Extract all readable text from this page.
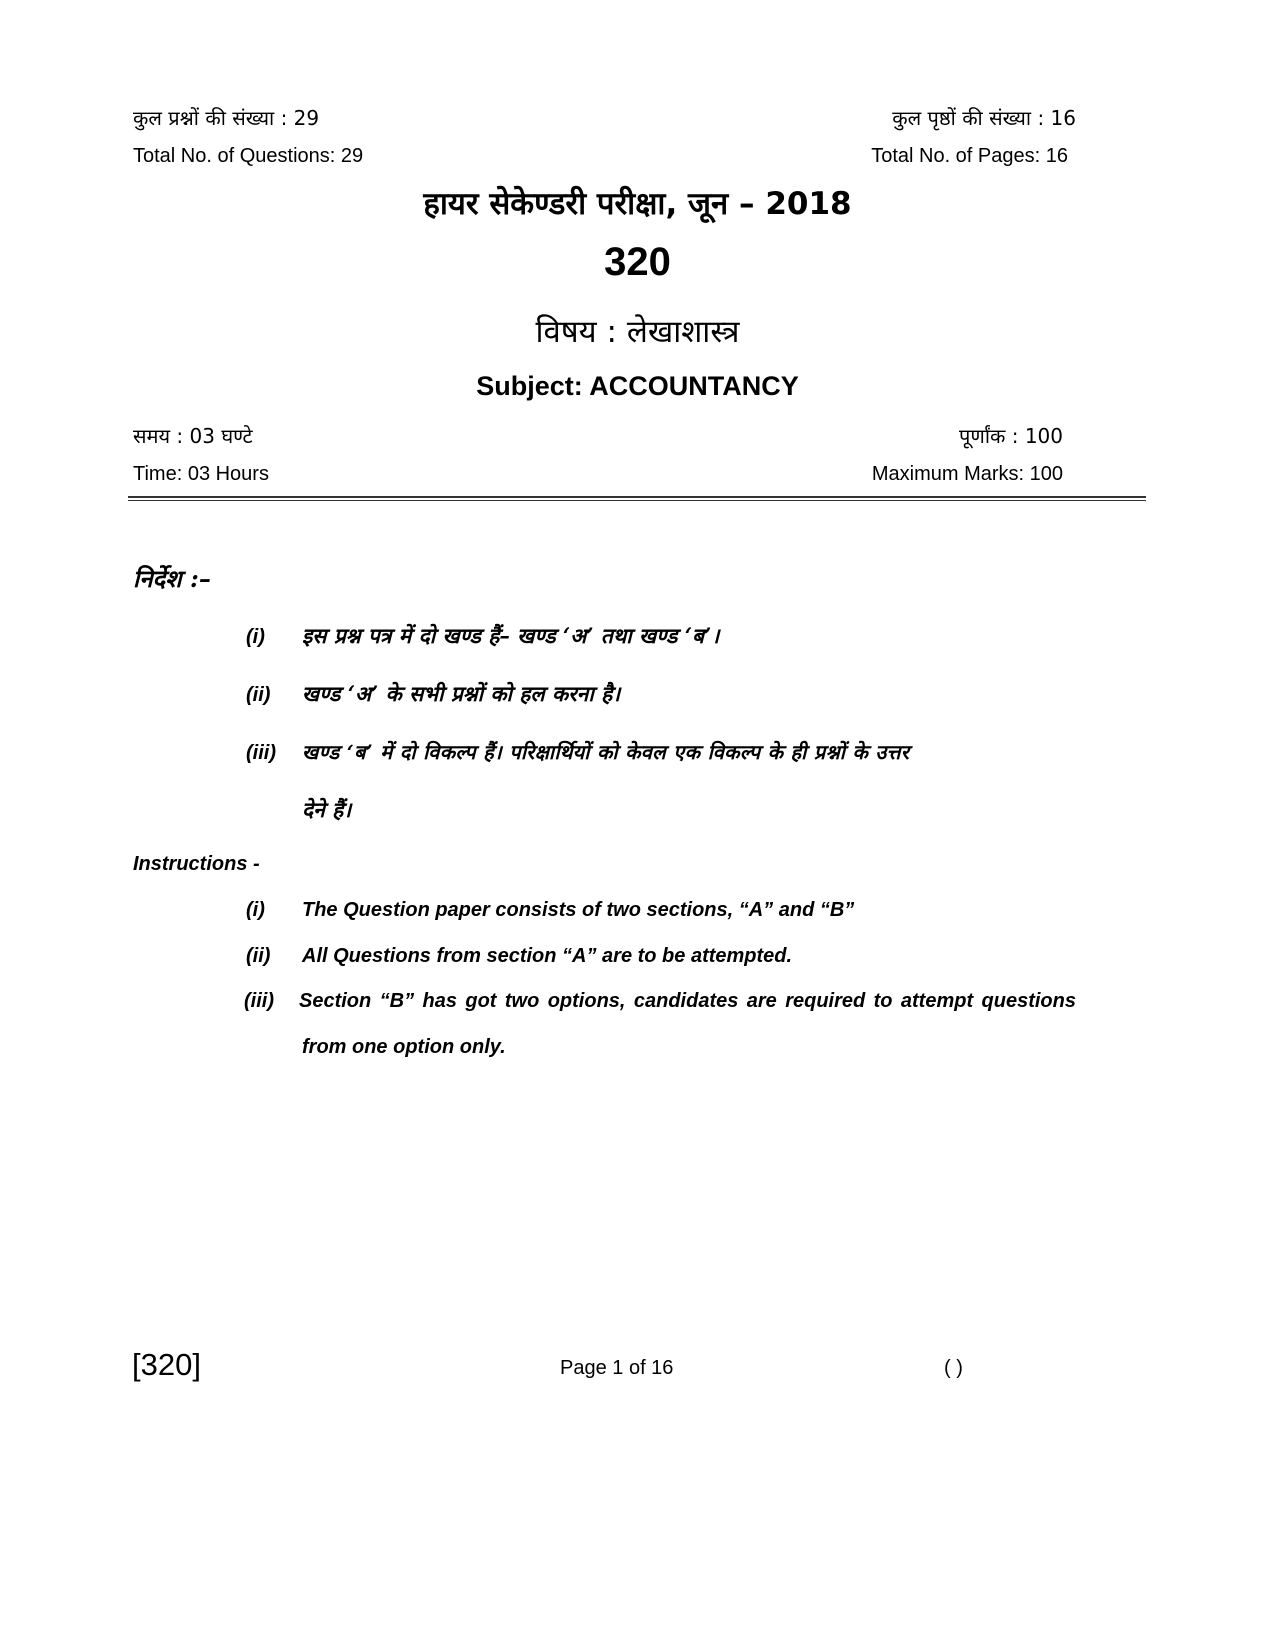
कुल प्रश्नों की संख्या : 29	कुल पृष्ठों की संख्या : 16
Total No. of Questions: 29	Total No. of Pages: 16
हायर सेकेण्डरी परीक्षा, जून – 2018
320
विषय : लेखाशास्त्र
Subject: ACCOUNTANCY
समय : 03 घण्टे	पूर्णांक : 100
Time: 03 Hours	Maximum Marks: 100
निर्देश :–
(i) इस प्रश्न पत्र में दो खण्ड हैं– खण्ड ‘अ’ तथा खण्ड ‘ब’।
(ii) खण्ड ‘अ’ के सभी प्रश्नों को हल करना है।
(iii) खण्ड ‘ब’ में दो विकल्प हैं। परिक्षार्थियों को केवल एक विकल्प के ही प्रश्नों के उत्तर
देने हैं।
Instructions -
(i) The Question paper consists of two sections, “A” and “B”
(ii) All Questions from section “A” are to be attempted.
(iii) Section “B” has got two options, candidates are required to attempt questions
from one option only.
[320]	Page 1 of 16	( )
